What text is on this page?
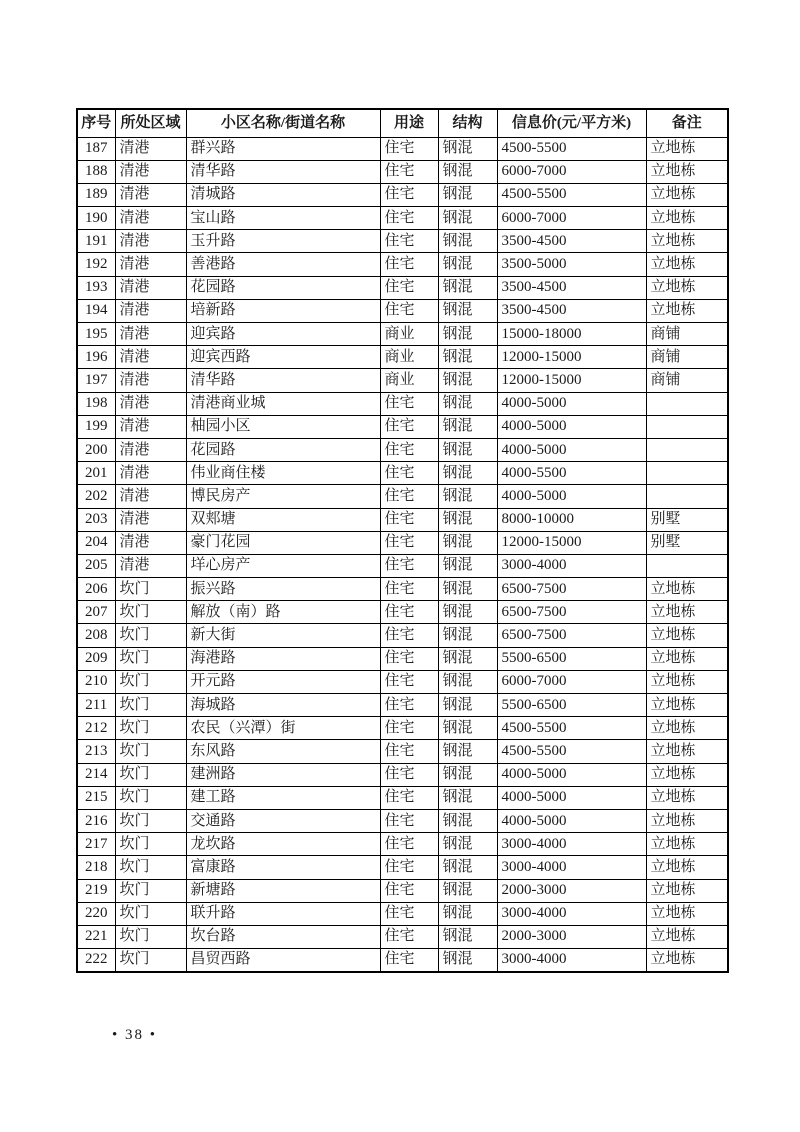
序号	所处区域	小区名称/街道名称	用途	结构	信息价(元/平方米)	备注
187	清港	群兴路	住宅	钢混	4500-5500	立地栋
188	清港	清华路	住宅	钢混	6000-7000	立地栋
189	清港	清城路	住宅	钢混	4500-5500	立地栋
190	清港	宝山路	住宅	钢混	6000-7000	立地栋
191	清港	玉升路	住宅	钢混	3500-4500	立地栋
192	清港	善港路	住宅	钢混	3500-5000	立地栋
193	清港	花园路	住宅	钢混	3500-4500	立地栋
194	清港	培新路	住宅	钢混	3500-4500	立地栋
195	清港	迎宾路	商业	钢混	15000-18000	商铺
196	清港	迎宾西路	商业	钢混	12000-15000	商铺
197	清港	清华路	商业	钢混	12000-15000	商铺
198	清港	清港商业城	住宅	钢混	4000-5000	
199	清港	柚园小区	住宅	钢混	4000-5000	
200	清港	花园路	住宅	钢混	4000-5000	
201	清港	伟业商住楼	住宅	钢混	4000-5500	
202	清港	博民房产	住宅	钢混	4000-5000	
203	清港	双郏塘	住宅	钢混	8000-10000	别墅
204	清港	豪门花园	住宅	钢混	12000-15000	别墅
205	清港	垟心房产	住宅	钢混	3000-4000	
206	坎门	振兴路	住宅	钢混	6500-7500	立地栋
207	坎门	解放（南）路	住宅	钢混	6500-7500	立地栋
208	坎门	新大街	住宅	钢混	6500-7500	立地栋
209	坎门	海港路	住宅	钢混	5500-6500	立地栋
210	坎门	开元路	住宅	钢混	6000-7000	立地栋
211	坎门	海城路	住宅	钢混	5500-6500	立地栋
212	坎门	农民（兴潭）街	住宅	钢混	4500-5500	立地栋
213	坎门	东风路	住宅	钢混	4500-5500	立地栋
214	坎门	建洲路	住宅	钢混	4000-5000	立地栋
215	坎门	建工路	住宅	钢混	4000-5000	立地栋
216	坎门	交通路	住宅	钢混	4000-5000	立地栋
217	坎门	龙坎路	住宅	钢混	3000-4000	立地栋
218	坎门	富康路	住宅	钢混	3000-4000	立地栋
219	坎门	新塘路	住宅	钢混	2000-3000	立地栋
220	坎门	联升路	住宅	钢混	3000-4000	立地栋
221	坎门	坎台路	住宅	钢混	2000-3000	立地栋
222	坎门	昌贸西路	住宅	钢混	3000-4000	立地栋
• 38 •
